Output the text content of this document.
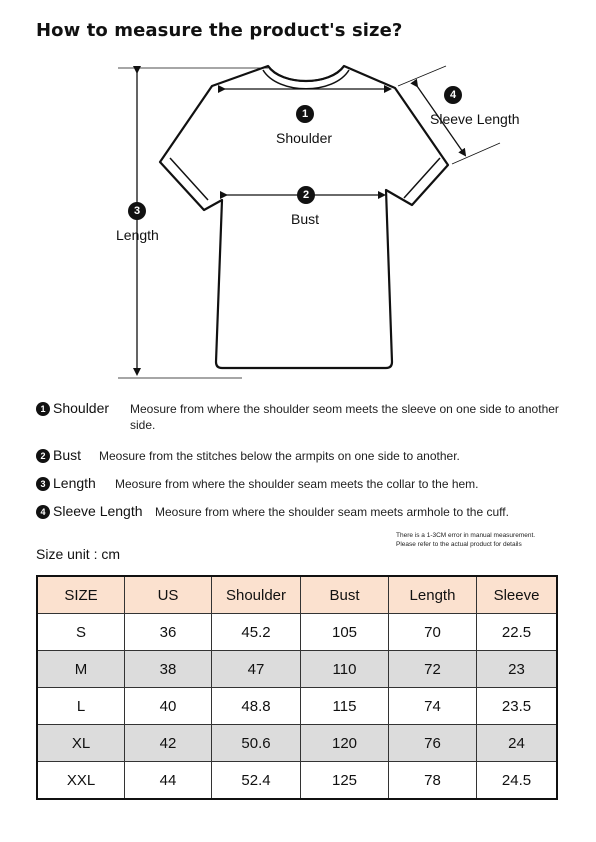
How to measure the product's size?
1
Shoulder
2
Bust
3
Length
4
Sleeve Length
1 Shoulder Meosure from where the shoulder seom meets the sleeve on one side to another side.
2 Bust Meosure from the stitches below the armpits on one side to another.
3 Length Meosure from where the shoulder seam meets the collar to the hem.
4 Sleeve Length Meosure from where the shoulder seam meets armhole to the cuff.
There is a 1-3CM error in manual measurement.
Please refer to the actual product for details
Size unit : cm
SIZE	US	Shoulder	Bust	Length	Sleeve
S	36	45.2	105	70	22.5
M	38	47	110	72	23
L	40	48.8	115	74	23.5
XL	42	50.6	120	76	24
XXL	44	52.4	125	78	24.5
